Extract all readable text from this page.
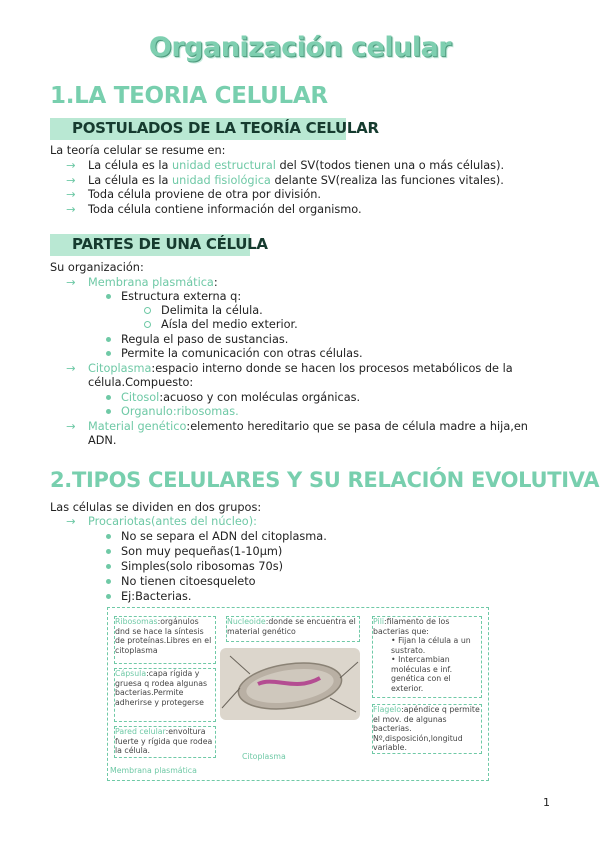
Organización celular
1.LA TEORIA CELULAR
POSTULADOS DE LA TEORÍA CELULAR
La teoría celular se resume en:
→ La célula es la unidad estructural del SV(todos tienen una o más células).
→ La célula es la unidad fisiológica delante SV(realiza las funciones vitales).
→ Toda célula proviene de otra por división.
→ Toda célula contiene información del organismo.
PARTES DE UNA CÉLULA
Su organización:
→ Membrana plasmática:
Estructura externa q:
Delimita la célula.
Aísla del medio exterior.
Regula el paso de sustancias.
Permite la comunicación con otras células.
→ Citoplasma:espacio interno donde se hacen los procesos metabólicos de la célula.Compuesto:
Citosol:acuoso y con moléculas orgánicas.
Organulo:ribosomas.
→ Material genético:elemento hereditario que se pasa de célula madre a hija,en ADN.
2.TIPOS CELULARES Y SU RELACIÓN EVOLUTIVA
Las células se dividen en dos grupos:
→ Procariotas(antes del núcleo):
No se separa el ADN del citoplasma.
Son muy pequeñas(1-10µm)
Simples(solo ribosomas 70s)
No tienen citoesqueleto
Ej:Bacterias.
Ribosomas:orgánulos dnd se hace la síntesis de proteínas.Libres en el citoplasma
Cápsula:capa rígida y gruesa q rodea algunas bacterias.Permite adherirse y protegerse
Pared celular:envoltura fuerte y rígida que rodea la célula.
Membrana plasmática
Nucleoide:donde se encuentra el material genético
Citoplasma
Pili:filamento de los bacterias que:

• Fijan la célula a un sustrato.
• Intercambian moléculas e inf. genética con el exterior.
Flagelo:apéndice q permite el mov. de algunas bacterias. Nº,disposición,longitud variable.
1
